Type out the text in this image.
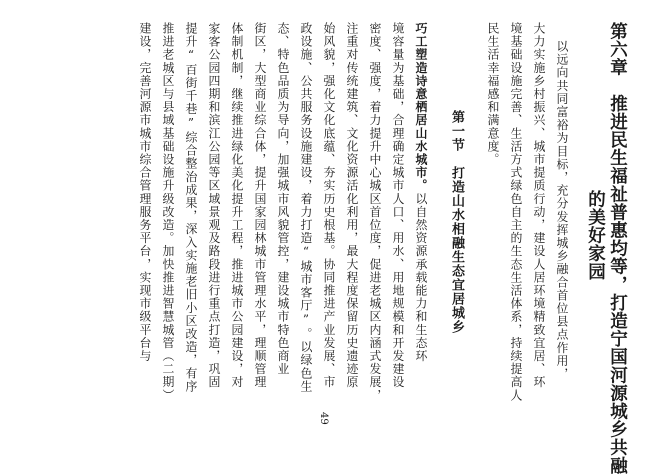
第六章　推进民生福祉普惠均等，打造宁国河源城乡共融
的美好家园
以远向共同富裕为目标，充分发挥城乡融合首位县点作用，
大力实施乡村振兴、城市提质行动，建设人居环境精致宜居、环
境基础设施完善、生活方式绿色自主的生态生活体系，持续提高人
民生活幸福感和满意度。
第一节　打造山水相融生态宜居城乡
巧工塑造诗意栖居山水城市。以自然资源承载能力和生态环
境容量为基础，合理确定城市人口、用水、用地规模和开发建设
密度、强度，着力提升中心城区首位度，促进老城区内涵式发展，
注重对传统建筑、文化资源活化利用，最大程度保留历史遗迹原
始风貌，强化文化底蕴、夯实历史根基。协同推进产业发展、市
政设施、公共服务设施建设，着力打造“城市客厅”。以绿色生
态、特色品质为导向，加强城市风貌管控，建设城市特色商业
街区，大型商业综合体，提升国家园林城市管理水平，理顺管理
体制机制，继续推进绿化美化提升工程，推进城市公园建设，对
家客公园四期和滨江公园等区域景观及路段进行重点打造，巩固
提升“百街千巷”综合整治成果，深入实施老旧小区改造，有序
推进老城区与县域基础设施升级改造。加快推进智慧城管（二期）
建设，完善河源市城市综合管理服务平台，实现市级平台与
49
